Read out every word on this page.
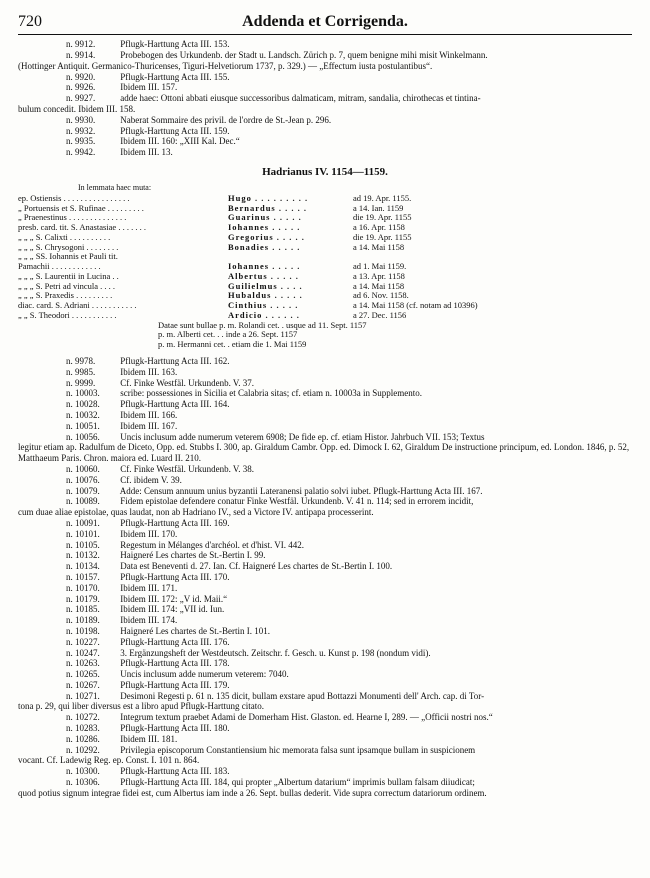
720	Addenda et Corrigenda.
n. 9912.	Pflugk-Harttung Acta III. 153.
n. 9914.	Probebogen des Urkundenb. der Stadt u. Landsch. Zürich p. 7, quem benigne mihi misit Winkelmann.
(Hottinger Antiquit. Germanico-Thuricenses, Tiguri-Helvetiorum 1737, p. 329.) — „Effectum iusta postulantibus“.
n. 9920.	Pflugk-Harttung Acta III. 155.
n. 9926.	Ibidem III. 157.
n. 9927.	adde haec: Ottoni abbati eiusque successoribus dalmaticam, mitram, sandalia, chirothecas et tintina-
bulum concedit. Ibidem III. 158.
n. 9930.	Naberat Sommaire des privil. de l'ordre de St.-Jean p. 296.
n. 9932.	Pflugk-Harttung Acta III. 159.
n. 9935.	Ibidem III. 160: „XIII Kal. Dec.“
n. 9942.	Ibidem III. 13.
Hadrianus IV. 1154—1159.
In lemmata haec muta:
ep. Ostiensis . . . . . . . . . . . . . . . .	Hugo . . . . . . . . .	ad 19. Apr. 1155.
„ Portuensis et S. Rufinae . . . . . . . . .	Bernardus . . . . .	a 14. Ian. 1159
„ Praenestinus . . . . . . . . . . . . . .	Guarinus . . . . .	die 19. Apr. 1155
presb. card. tit. S. Anastasiae . . . . . . .	Iohannes . . . . .	a 16. Apr. 1158
„ „ „ S. Calixti . . . . . . . . . .	Gregorius . . . . .	die 19. Apr. 1155
„ „ „ S. Chrysogoni . . . . . . . .	Bonadies . . . . .	a 14. Mai 1158
„ „ „ SS. Iohannis et Pauli tit.
Pamachii . . . . . . . . . . . .	Iohannes . . . . .	ad 1. Mai 1159.
„ „ „ S. Laurentii in Lucina . .	Albertus . . . . .	a 13. Apr. 1158
„ „ „ S. Petri ad vincula . . . .	Guilielmus . . . .	a 14. Mai 1158
„ „ „ S. Praxedis . . . . . . . . .	Hubaldus . . . . .	ad 6. Nov. 1158.
diac. card. S. Adriani . . . . . . . . . . .	Cinthius . . . . .	a 14. Mai 1158 (cf. notam ad 10396)
„ „ S. Theodori . . . . . . . . . . .	Ardicio . . . . . .	a 27. Dec. 1156
Datae sunt bullae p. m. Rolandi cet. . usque ad 11. Sept. 1157
p. m. Alberti cet. . . inde a 26. Sept. 1157
p. m. Hermanni cet. . etiam die 1. Mai 1159
n. 9978.	Pflugk-Harttung Acta III. 162.
n. 9985.	Ibidem III. 163.
n. 9999.	Cf. Finke Westfäl. Urkundenb. V. 37.
n. 10003. scribe: possessiones in Sicilia et Calabria sitas; cf. etiam n. 10003a in Supplemento.
n. 10028. Pflugk-Harttung Acta III. 164.
n. 10032. Ibidem III. 166.
n. 10051. Ibidem III. 167.
n. 10056. Uncis inclusum adde numerum veterem 6908; De fide ep. cf. etiam Histor. Jahrbuch VII. 153; Textus
legitur etiam ap. Radulfum de Diceto, Opp. ed. Stubbs I. 300, ap. Giraldum Cambr. Opp. ed. Dimock I. 62, Giraldum De instructione principum, ed. London. 1846, p. 52, Matthaeum Paris. Chron. maiora ed. Luard II. 210.
n. 10060. Cf. Finke Westfäl. Urkundenb. V. 38.
n. 10076. Cf. ibidem V. 39.
n. 10079. Adde: Censum annuum unius byzantii Lateranensi palatio solvi iubet. Pflugk-Harttung Acta III. 167.
n. 10089. Fidem epistolae defendere conatur Finke Westfäl. Urkundenb. V. 41 n. 114; sed in errorem incidit,
cum duae aliae epistolae, quas laudat, non ab Hadriano IV., sed a Victore IV. antipapa processerint.
n. 10091. Pflugk-Harttung Acta III. 169.
n. 10101. Ibidem III. 170.
n. 10105. Regestum in Mélanges d'archéol. et d'hist. VI. 442.
n. 10132. Haigneré Les chartes de St.-Bertin I. 99.
n. 10134. Data est Beneventi d. 27. Ian. Cf. Haigneré Les chartes de St.-Bertin I. 100.
n. 10157. Pflugk-Harttung Acta III. 170.
n. 10170. Ibidem III. 171.
n. 10179. Ibidem III. 172: „V id. Maii.“
n. 10185. Ibidem III. 174: „VII id. Iun.
n. 10189. Ibidem III. 174.
n. 10198. Haigneré Les chartes de St.-Bertin I. 101.
n. 10227. Pflugk-Harttung Acta III. 176.
n. 10247. 3. Ergänzungsheft der Westdeutsch. Zeitschr. f. Gesch. u. Kunst p. 198 (nondum vidi).
n. 10263. Pflugk-Harttung Acta III. 178.
n. 10265. Uncis inclusum adde numerum veterem: 7040.
n. 10267. Pflugk-Harttung Acta III. 179.
n. 10271. Desimoni Regesti p. 61 n. 135 dicit, bullam exstare apud Bottazzi Monumenti dell' Arch. cap. di Tor-
tona p. 29, qui liber diversus est a libro apud Pflugk-Harttung citato.
n. 10272. Integrum textum praebet Adami de Domerham Hist. Glaston. ed. Hearne I, 289. — „Officii nostri nos.“
n. 10283. Pflugk-Harttung Acta III. 180.
n. 10286. Ibidem III. 181.
n. 10292. Privilegia episcoporum Constantiensium hic memorata falsa sunt ipsamque bullam in suspicionem
vocant. Cf. Ladewig Reg. ep. Const. I. 101 n. 864.
n. 10300. Pflugk-Harttung Acta III. 183.
n. 10306. Pflugk-Harttung Acta III. 184, qui propter „Albertum datarium“ imprimis bullam falsam diiudicat;
quod potius signum integrae fidei est, cum Albertus iam inde a 26. Sept. bullas dederit. Vide supra correctum datariorum ordinem.
